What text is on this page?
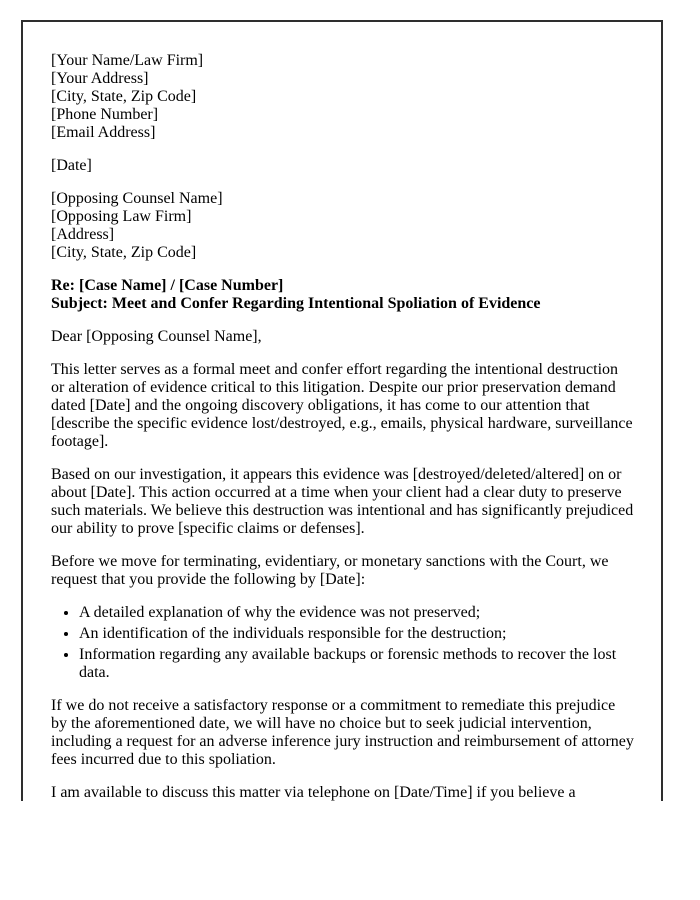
[Your Name/Law Firm]
[Your Address]
[City, State, Zip Code]
[Phone Number]
[Email Address]
[Date]
[Opposing Counsel Name]
[Opposing Law Firm]
[Address]
[City, State, Zip Code]
Re: [Case Name] / [Case Number]
Subject: Meet and Confer Regarding Intentional Spoliation of Evidence
Dear [Opposing Counsel Name],
This letter serves as a formal meet and confer effort regarding the intentional destruction or alteration of evidence critical to this litigation. Despite our prior preservation demand dated [Date] and the ongoing discovery obligations, it has come to our attention that [describe the specific evidence lost/destroyed, e.g., emails, physical hardware, surveillance footage].
Based on our investigation, it appears this evidence was [destroyed/deleted/altered] on or about [Date]. This action occurred at a time when your client had a clear duty to preserve such materials. We believe this destruction was intentional and has significantly prejudiced our ability to prove [specific claims or defenses].
Before we move for terminating, evidentiary, or monetary sanctions with the Court, we request that you provide the following by [Date]:
• A detailed explanation of why the evidence was not preserved;
• An identification of the individuals responsible for the destruction;
• Information regarding any available backups or forensic methods to recover the lost data.
If we do not receive a satisfactory response or a commitment to remediate this prejudice by the aforementioned date, we will have no choice but to seek judicial intervention, including a request for an adverse inference jury instruction and reimbursement of attorney fees incurred due to this spoliation.
I am available to discuss this matter via telephone on [Date/Time] if you believe a
